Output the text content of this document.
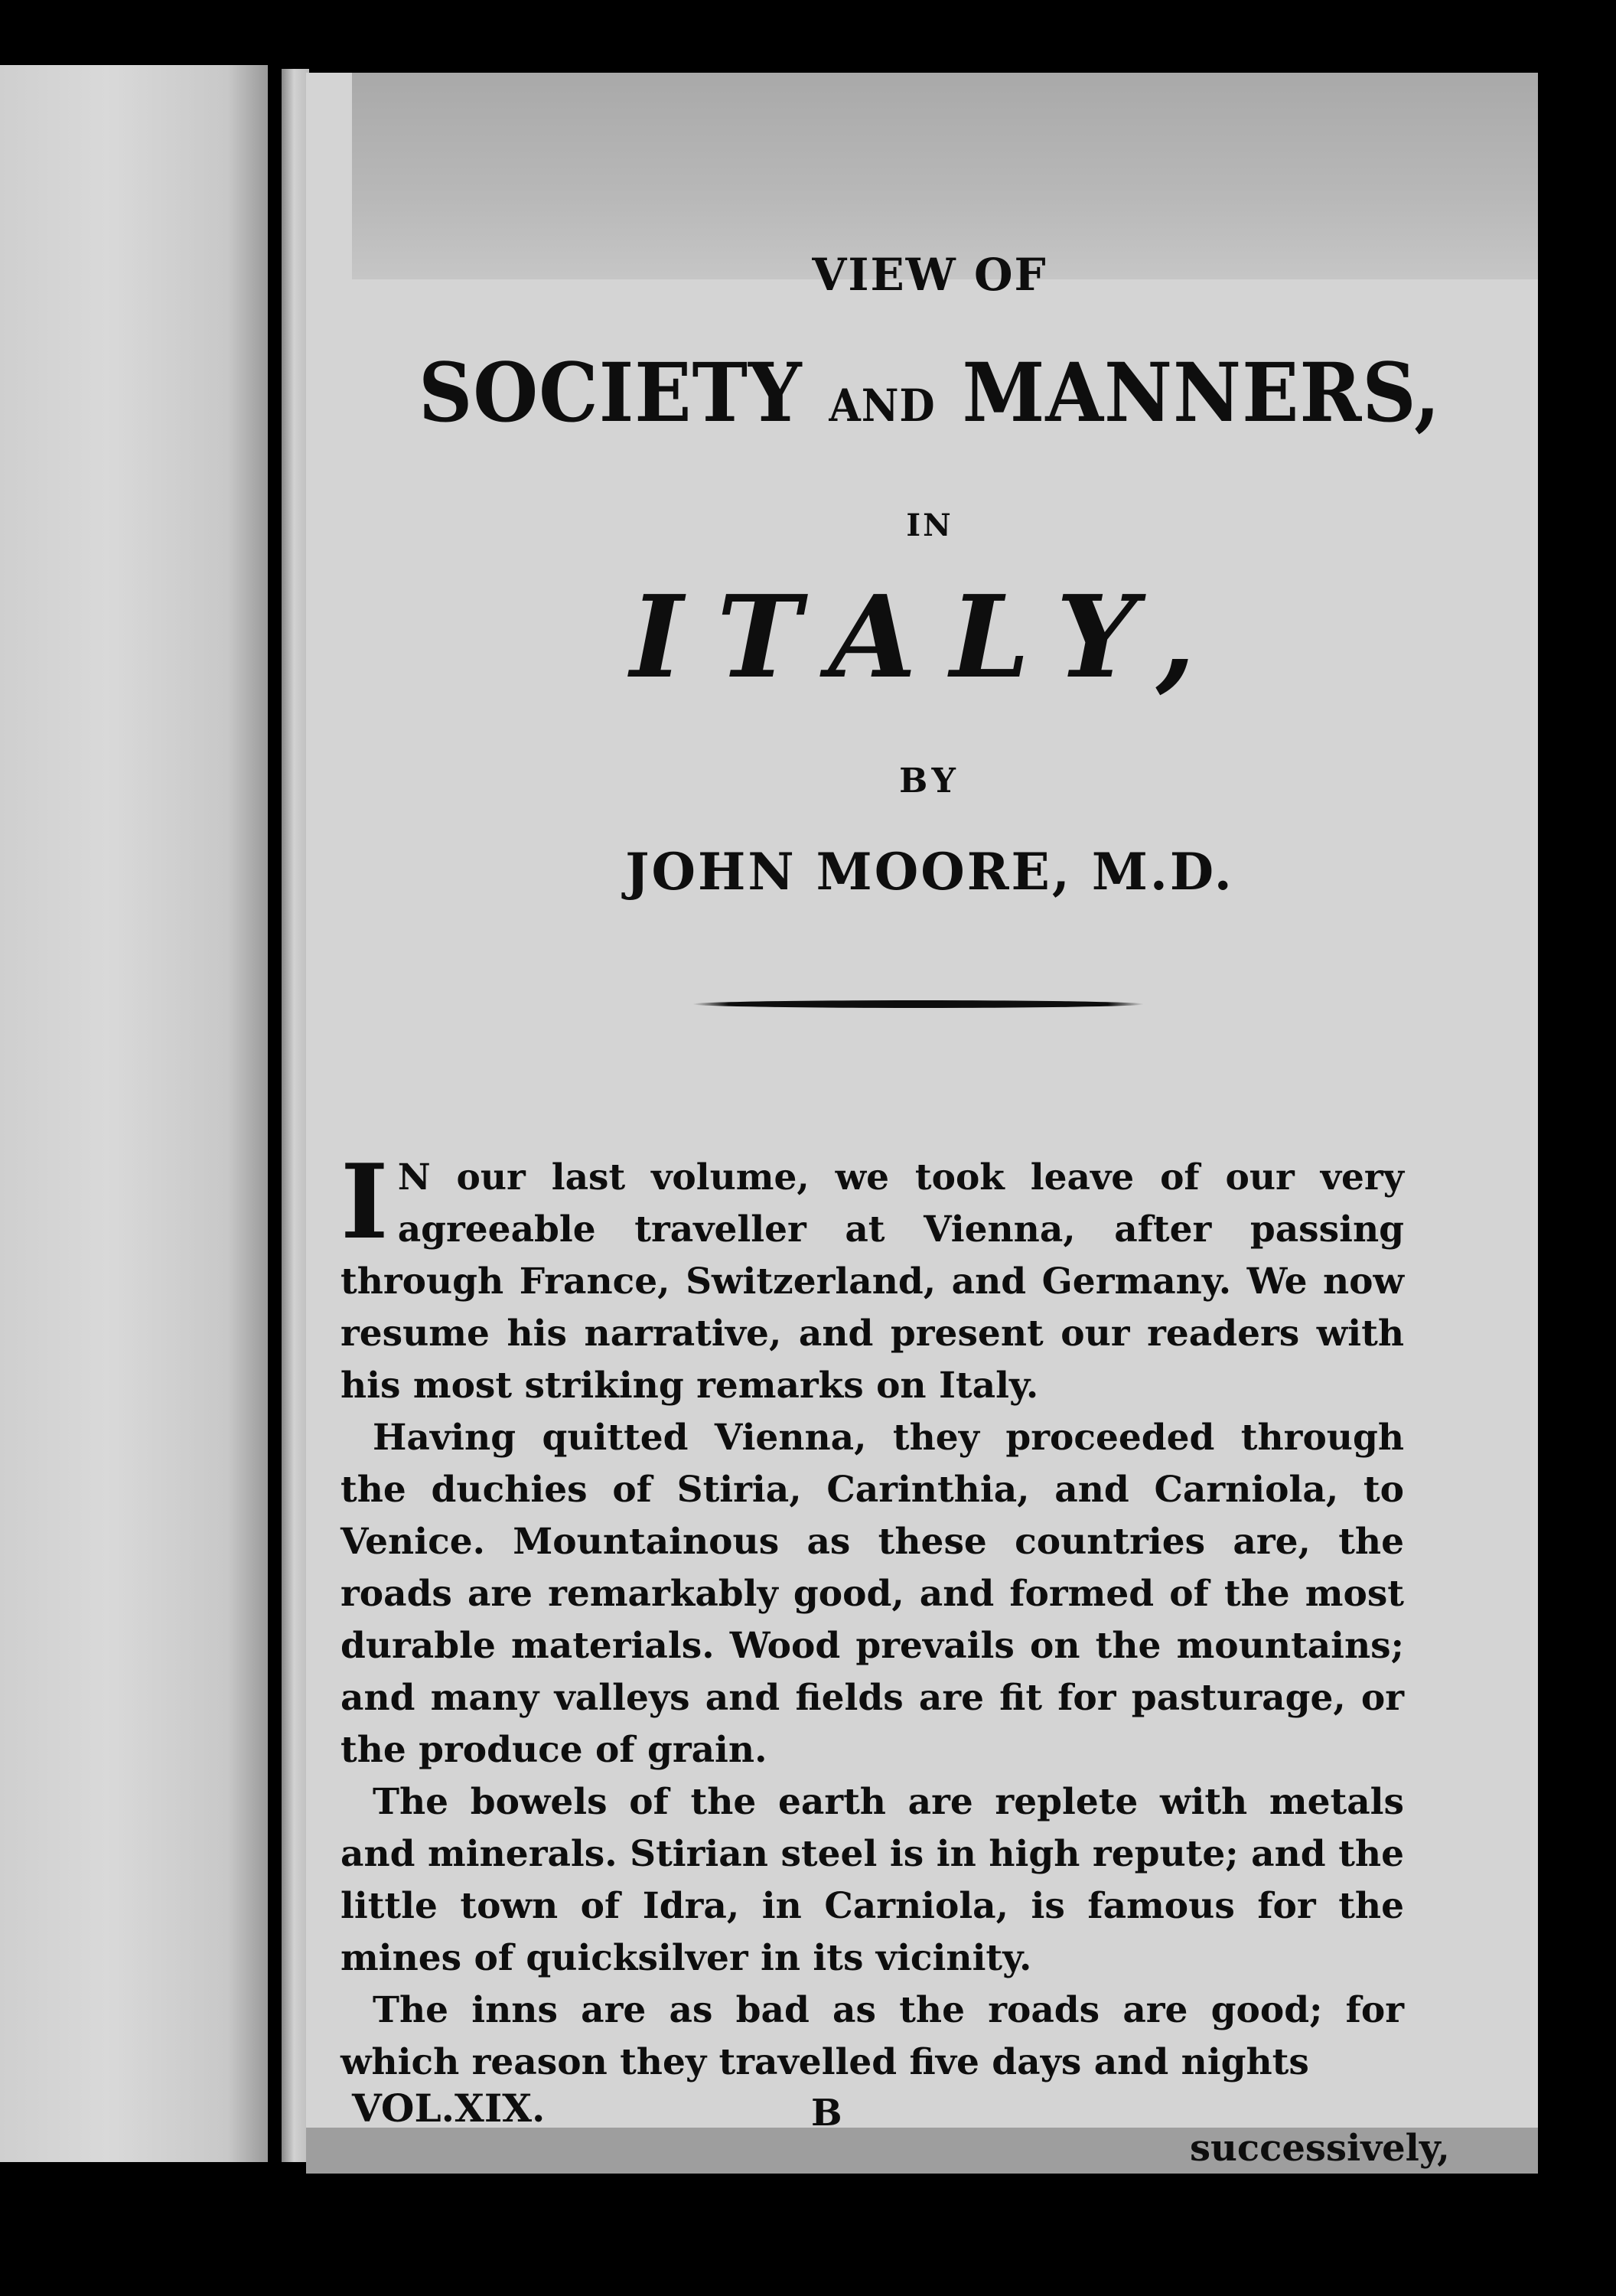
VIEW OF
SOCIETY AND MANNERS,
IN
ITALY,
BY
JOHN MOORE, M.D.

I N our last volume, we took leave of our very agreeable traveller at Vienna, after passing through France, Switzerland, and Germany. We now resume his narrative, and present our readers with his most striking remarks on Italy.

Having quitted Vienna, they proceeded through the duchies of Stiria, Carinthia, and Carniola, to Venice. Mountainous as these countries are, the roads are remarkably good, and formed of the most durable materials. Wood prevails on the mountains; and many valleys and fields are fit for pasturage, or the produce of grain.

The bowels of the earth are replete with metals and minerals. Stirian steel is in high repute; and the little town of Idra, in Carniola, is famous for the mines of quicksilver in its vicinity.

The inns are as bad as the roads are good; for which reason they travelled five days and nights

VOL.XIX.	B
successively,
